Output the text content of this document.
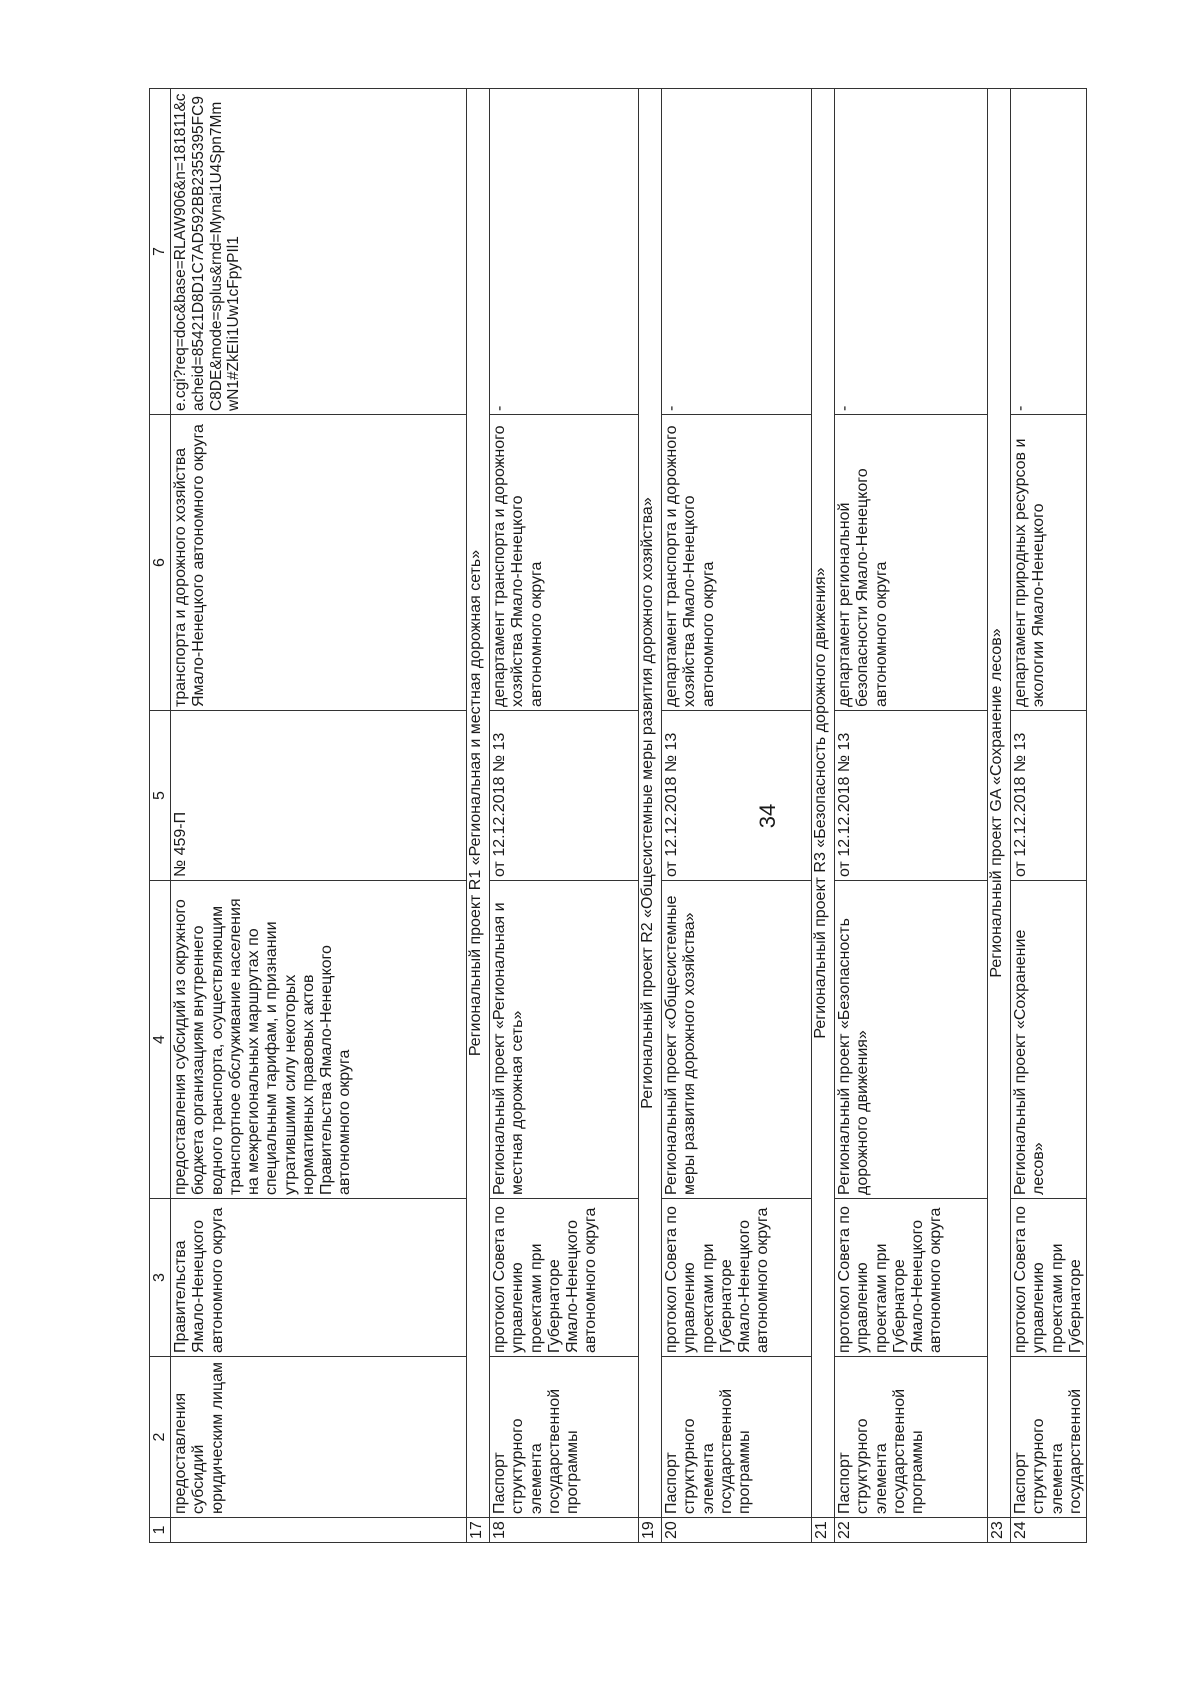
34
1	2	3	4	5	6	7
	предоставления субсидий юридическим лицам	Правительства Ямало-Ненецкого автономного округа	предоставления субсидий из окружного бюджета организациям внутреннего водного транспорта, осуществляющим транспортное обслуживание населения на межрегиональных маршрутах по специальным тарифам, и признании утратившими силу некоторых нормативных правовых актов Правительства Ямало-Ненецкого автономного округа	№ 459-П	транспорта и дорожного хозяйства Ямало-Ненецкого автономного округа	e.cgi?req=doc&base=RLAW906&n=181811&cacheid=85421D8D1C7AD592BB2355395FC9C8DE&mode=splus&rnd=Mynai1U4Spn7MmwN1#ZkEIi1Uw1cFpyPIl1
17	Региональный проект R1 «Региональная и местная дорожная сеть»					
18	Паспорт структурного элемента государственной программы	протокол Совета по управлению проектами при Губернаторе Ямало-Ненецкого автономного округа	Региональный проект «Региональная и местная дорожная сеть»	от 12.12.2018 № 13	департамент транспорта и дорожного хозяйства Ямало-Ненецкого автономного округа	-
19	Региональный проект R2 «Общесистемные меры развития дорожного хозяйства»					
20	Паспорт структурного элемента государственной программы	протокол Совета по управлению проектами при Губернаторе Ямало-Ненецкого автономного округа	Региональный проект «Общесистемные меры развития дорожного хозяйства»	от 12.12.2018 № 13	департамент транспорта и дорожного хозяйства Ямало-Ненецкого автономного округа	-
21	Региональный проект R3 «Безопасность дорожного движения»					
22	Паспорт структурного элемента государственной программы	протокол Совета по управлению проектами при Губернаторе Ямало-Ненецкого автономного округа	Региональный проект «Безопасность дорожного движения»	от 12.12.2018 № 13	департамент региональной безопасности Ямало-Ненецкого автономного округа	-
23	Региональный проект GA «Сохранение лесов»					
24	Паспорт структурного элемента государственной	протокол Совета по управлению проектами при Губернаторе	Региональный проект «Сохранение лесов»	от 12.12.2018 № 13	департамент природных ресурсов и экологии Ямало-Ненецкого	-
